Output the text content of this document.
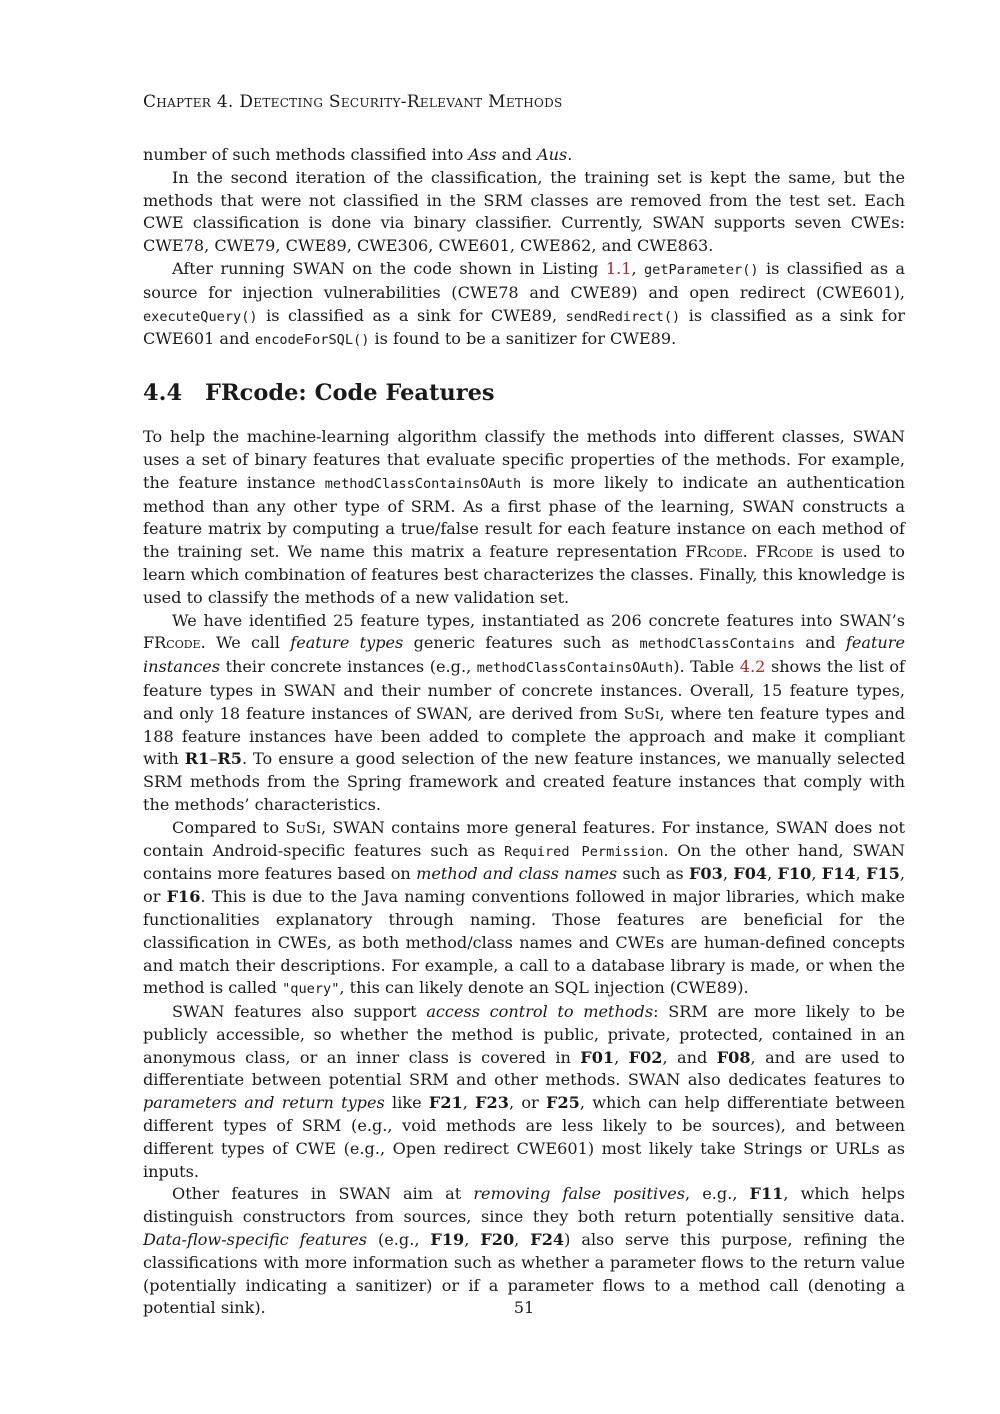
Chapter 4. Detecting Security-Relevant Methods

number of such methods classified into Ass and Aus.

In the second iteration of the classification, the training set is kept the same, but the methods that were not classified in the SRM classes are removed from the test set. Each CWE classification is done via binary classifier. Currently, SWAN supports seven CWEs: CWE78, CWE79, CWE89, CWE306, CWE601, CWE862, and CWE863.

After running SWAN on the code shown in Listing 1.1, getParameter() is classified as a source for injection vulnerabilities (CWE78 and CWE89) and open redirect (CWE601), executeQuery() is classified as a sink for CWE89, sendRedirect() is classified as a sink for CWE601 and encodeForSQL() is found to be a sanitizer for CWE89.

4.4 FRcode: Code Features

To help the machine-learning algorithm classify the methods into different classes, SWAN uses a set of binary features that evaluate specific properties of the methods. For example, the feature instance methodClassContainsOAuth is more likely to indicate an authentication method than any other type of SRM. As a first phase of the learning, SWAN constructs a feature matrix by computing a true/false result for each feature instance on each method of the training set. We name this matrix a feature representation FRcode. FRcode is used to learn which combination of features best characterizes the classes. Finally, this knowledge is used to classify the methods of a new validation set.

We have identified 25 feature types, instantiated as 206 concrete features into SWAN’s FRcode. We call feature types generic features such as methodClassContains and feature instances their concrete instances (e.g., methodClassContainsOAuth). Table 4.2 shows the list of feature types in SWAN and their number of concrete instances. Overall, 15 feature types, and only 18 feature instances of SWAN, are derived from SuSi, where ten feature types and 188 feature instances have been added to complete the approach and make it compliant with R1–R5. To ensure a good selection of the new feature instances, we manually selected SRM methods from the Spring framework and created feature instances that comply with the methods’ characteristics.

Compared to SuSi, SWAN contains more general features. For instance, SWAN does not contain Android-specific features such as Required Permission. On the other hand, SWAN contains more features based on method and class names such as F03, F04, F10, F14, F15, or F16. This is due to the Java naming conventions followed in major libraries, which make functionalities explanatory through naming. Those features are beneficial for the classification in CWEs, as both method/class names and CWEs are human-defined concepts and match their descriptions. For example, a call to a database library is made, or when the method is called "query", this can likely denote an SQL injection (CWE89).

SWAN features also support access control to methods: SRM are more likely to be publicly accessible, so whether the method is public, private, protected, contained in an anonymous class, or an inner class is covered in F01, F02, and F08, and are used to differentiate between potential SRM and other methods. SWAN also dedicates features to parameters and return types like F21, F23, or F25, which can help differentiate between different types of SRM (e.g., void methods are less likely to be sources), and between different types of CWE (e.g., Open redirect CWE601) most likely take Strings or URLs as inputs.

Other features in SWAN aim at removing false positives, e.g., F11, which helps distinguish constructors from sources, since they both return potentially sensitive data. Data-flow-specific features (e.g., F19, F20, F24) also serve this purpose, refining the classifications with more information such as whether a parameter flows to the return value (potentially indicating a sanitizer) or if a parameter flows to a method call (denoting a potential sink).	51
